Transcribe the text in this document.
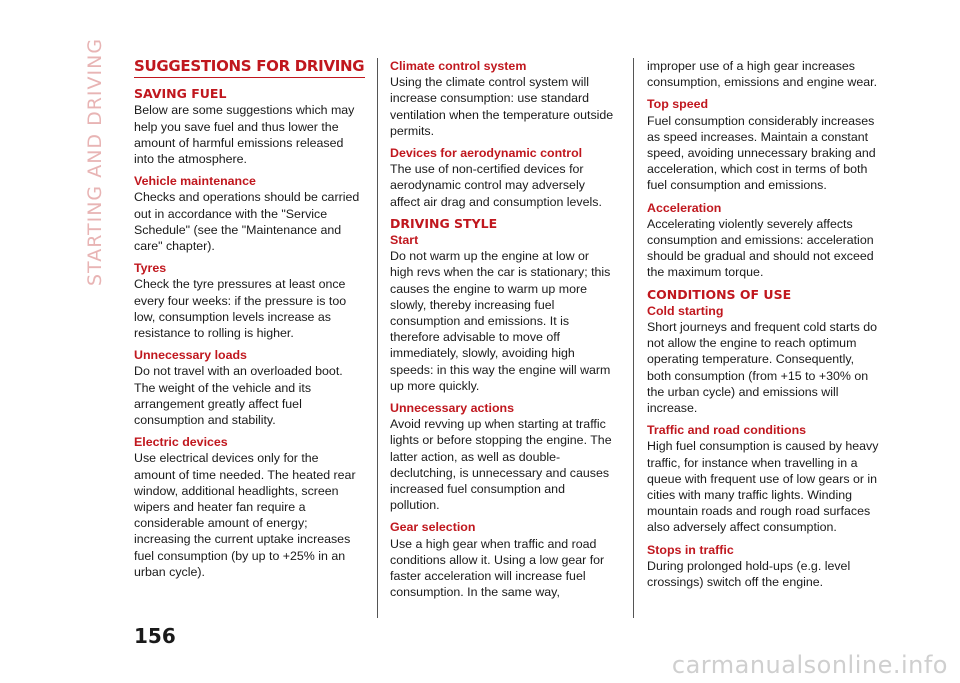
STARTING AND DRIVING SUGGESTIONS FOR DRIVING
SAVING FUEL

Below are some suggestions which may help you save fuel and thus lower the amount of harmful emissions released into the atmosphere.

Vehicle maintenance

Checks and operations should be carried out in accordance with the "Service Schedule" (see the "Maintenance and care" chapter).

Tyres

Check the tyre pressures at least once every four weeks: if the pressure is too low, consumption levels increase as resistance to rolling is higher.

Unnecessary loads

Do not travel with an overloaded boot. The weight of the vehicle and its arrangement greatly affect fuel consumption and stability.

Electric devices

Use electrical devices only for the amount of time needed. The heated rear window, additional headlights, screen wipers and heater fan require a considerable amount of energy; increasing the current uptake increases fuel consumption (by up to +25% in an urban cycle).

Climate control system

Using the climate control system will increase consumption: use standard ventilation when the temperature outside permits.

Devices for aerodynamic control

The use of non-certified devices for aerodynamic control may adversely affect air drag and consumption levels.

DRIVING STYLE
Start

Do not warm up the engine at low or high revs when the car is stationary; this causes the engine to warm up more slowly, thereby increasing fuel consumption and emissions. It is therefore advisable to move off immediately, slowly, avoiding high speeds: in this way the engine will warm up more quickly.

Unnecessary actions

Avoid revving up when starting at traffic lights or before stopping the engine. The latter action, as well as double-declutching, is unnecessary and causes increased fuel consumption and pollution.

Gear selection

Use a high gear when traffic and road conditions allow it. Using a low gear for faster acceleration will increase fuel consumption. In the same way,

improper use of a high gear increases consumption, emissions and engine wear.

Top speed

Fuel consumption considerably increases as speed increases. Maintain a constant speed, avoiding unnecessary braking and acceleration, which cost in terms of both fuel consumption and emissions.

Acceleration

Accelerating violently severely affects consumption and emissions: acceleration should be gradual and should not exceed the maximum torque.

CONDITIONS OF USE
Cold starting

Short journeys and frequent cold starts do not allow the engine to reach optimum operating temperature. Consequently, both consumption (from +15 to +30% on the urban cycle) and emissions will increase.

Traffic and road conditions

High fuel consumption is caused by heavy traffic, for instance when travelling in a queue with frequent use of low gears or in cities with many traffic lights. Winding mountain roads and rough road surfaces also adversely affect consumption.

Stops in traffic

During prolonged hold-ups (e.g. level crossings) switch off the engine.

156
carmanualsonline.info
